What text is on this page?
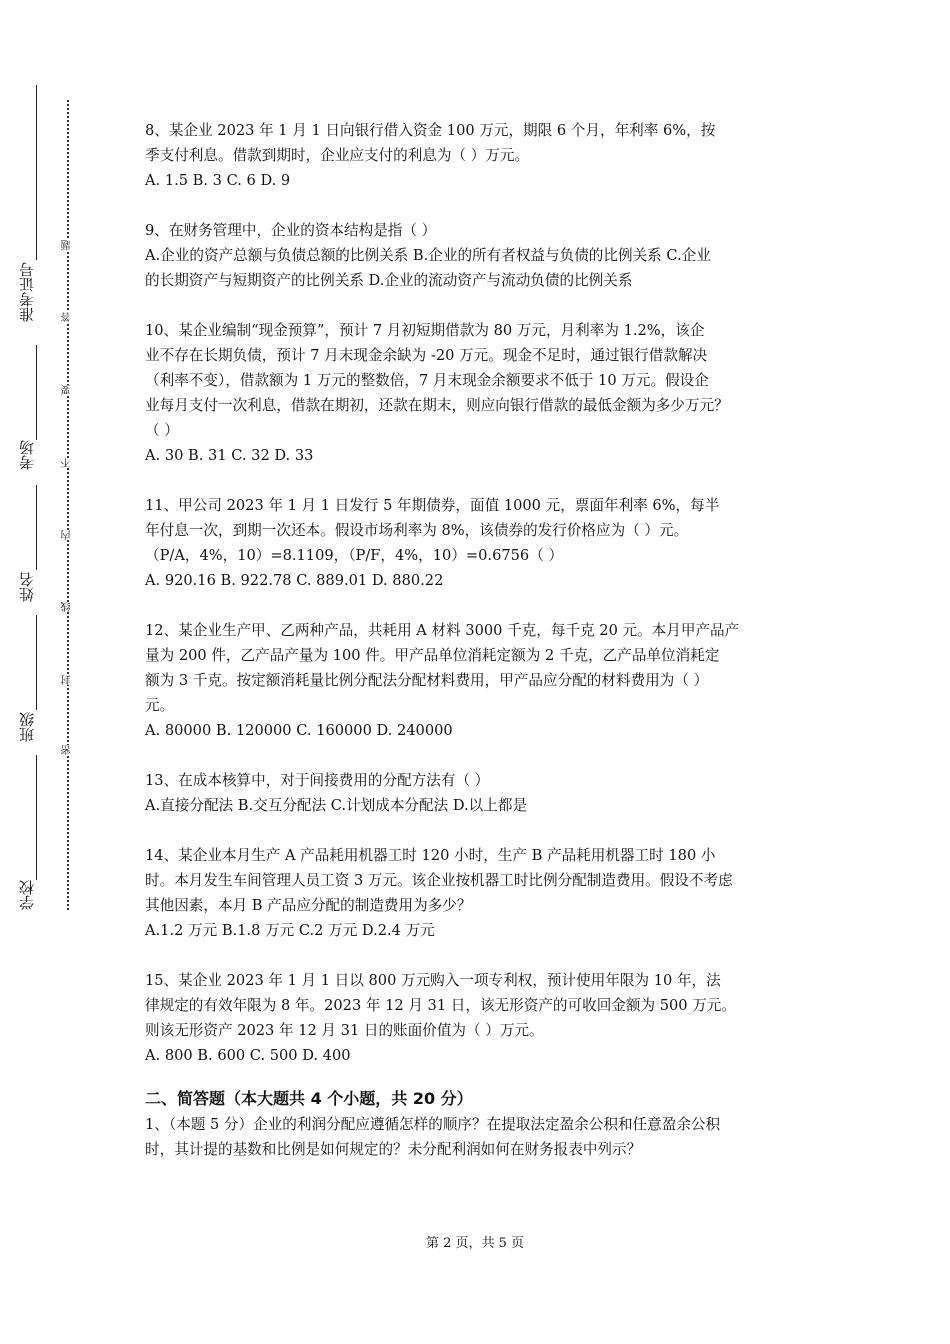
准考证号
考场
姓名
班级
学校
题
答
要
不
内
线
封
密

8、某企业 2023 年 1 月 1 日向银行借入资金 100 万元，期限 6 个月，年利率 6%，按

季支付利息。借款到期时，企业应支付的利息为（ ）万元。

A. 1.5 B. 3 C. 6 D. 9

9、在财务管理中，企业的资本结构是指（ ）

A.企业的资产总额与负债总额的比例关系 B.企业的所有者权益与负债的比例关系 C.企业

的长期资产与短期资产的比例关系 D.企业的流动资产与流动负债的比例关系

10、某企业编制“现金预算”，预计 7 月初短期借款为 80 万元，月利率为 1.2%，该企

业不存在长期负债，预计 7 月末现金余缺为 -20 万元。现金不足时，通过银行借款解决

（利率不变），借款额为 1 万元的整数倍，7 月末现金余额要求不低于 10 万元。假设企

业每月支付一次利息，借款在期初，还款在期末，则应向银行借款的最低金额为多少万元？

（ ）

A. 30 B. 31 C. 32 D. 33

11、甲公司 2023 年 1 月 1 日发行 5 年期债券，面值 1000 元，票面年利率 6%，每半

年付息一次，到期一次还本。假设市场利率为 8%，该债券的发行价格应为（ ）元。

（P/A，4%，10）=8.1109，（P/F，4%，10）=0.6756（ ）

A. 920.16 B. 922.78 C. 889.01 D. 880.22

12、某企业生产甲、乙两种产品，共耗用 A 材料 3000 千克，每千克 20 元。本月甲产品产

量为 200 件，乙产品产量为 100 件。甲产品单位消耗定额为 2 千克，乙产品单位消耗定

额为 3 千克。按定额消耗量比例分配法分配材料费用，甲产品应分配的材料费用为（ ）

元。

A. 80000 B. 120000 C. 160000 D. 240000

13、在成本核算中，对于间接费用的分配方法有（ ）

A.直接分配法 B.交互分配法 C.计划成本分配法 D.以上都是

14、某企业本月生产 A 产品耗用机器工时 120 小时，生产 B 产品耗用机器工时 180 小

时。本月发生车间管理人员工资 3 万元。该企业按机器工时比例分配制造费用。假设不考虑

其他因素，本月 B 产品应分配的制造费用为多少？

A.1.2 万元 B.1.8 万元 C.2 万元 D.2.4 万元

15、某企业 2023 年 1 月 1 日以 800 万元购入一项专利权，预计使用年限为 10 年，法

律规定的有效年限为 8 年。2023 年 12 月 31 日，该无形资产的可收回金额为 500 万元。

则该无形资产 2023 年 12 月 31 日的账面价值为（ ）万元。

A. 800 B. 600 C. 500 D. 400

二、简答题（本大题共 4 个小题，共 20 分）

1、（本题 5 分）企业的利润分配应遵循怎样的顺序？在提取法定盈余公积和任意盈余公积

时，其计提的基数和比例是如何规定的？未分配利润如何在财务报表中列示？

第 2 页，共 5 页
